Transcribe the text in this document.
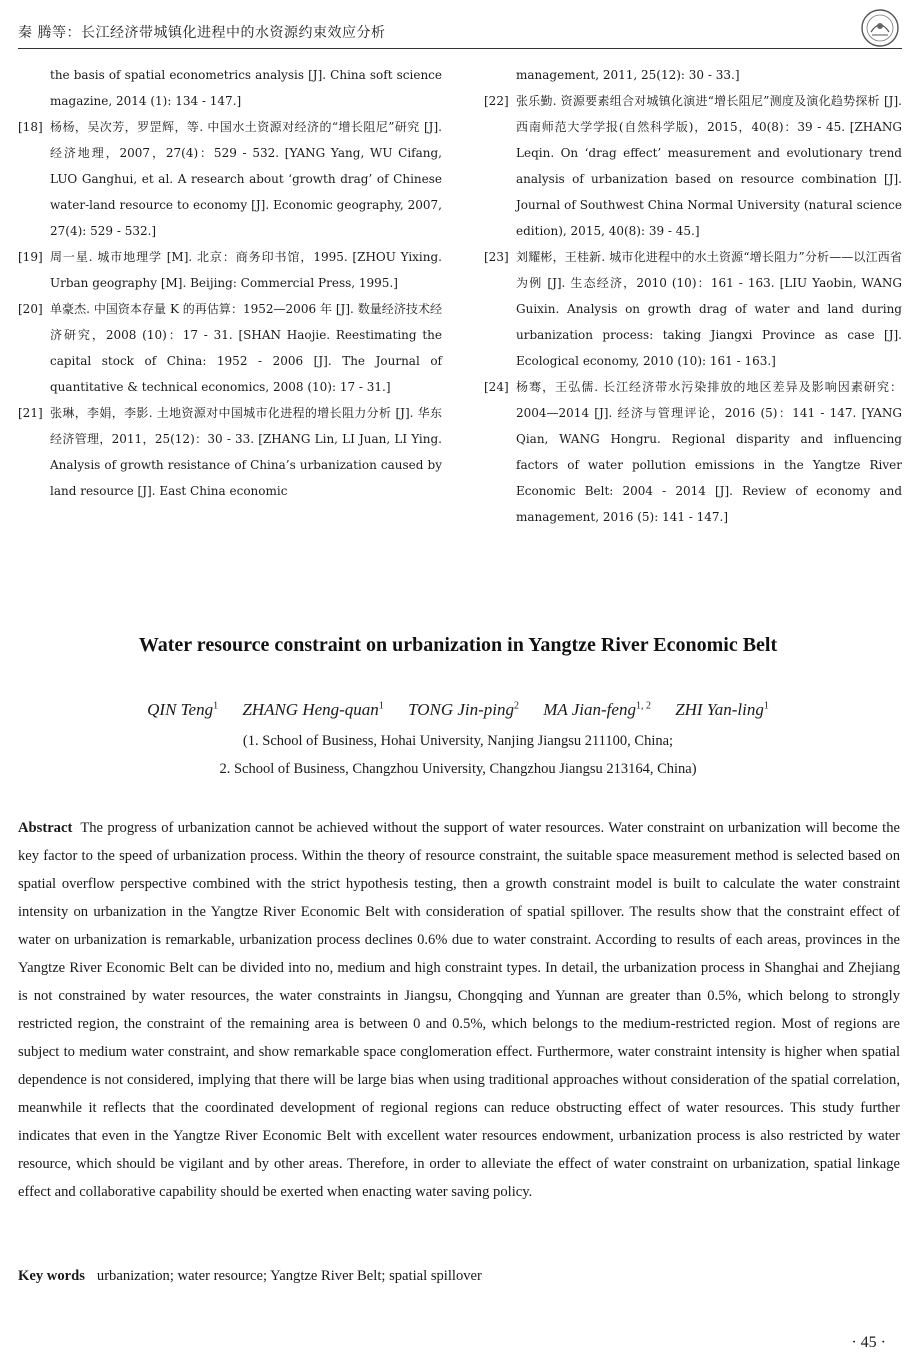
秦 腾等：长江经济带城镇化进程中的水资源约束效应分析

the basis of spatial econometrics analysis [J]. China soft science magazine, 2014 (1): 134 - 147.]

[18] 杨杨，吴次芳，罗罡辉，等. 中国水土资源对经济的“增长阻尼”研究 [J]. 经济地理，2007，27(4)：529 - 532. [YANG Yang, WU Cifang, LUO Ganghui, et al. A research about ‘growth drag’ of Chinese water-land resource to economy [J]. Economic geography, 2007, 27(4): 529 - 532.]

[19] 周一星. 城市地理学 [M]. 北京：商务印书馆，1995. [ZHOU Yixing. Urban geography [M]. Beijing: Commercial Press, 1995.]

[20] 单豪杰. 中国资本存量 K 的再估算：1952—2006 年 [J]. 数量经济技术经济研究，2008 (10)：17 - 31. [SHAN Haojie. Reestimating the capital stock of China: 1952 - 2006 [J]. The Journal of quantitative & technical economics, 2008 (10): 17 - 31.]

[21] 张琳，李娟，李影. 土地资源对中国城市化进程的增长阻力分析 [J]. 华东经济管理，2011，25(12)：30 - 33. [ZHANG Lin, LI Juan, LI Ying. Analysis of growth resistance of China’s urbanization caused by land resource [J]. East China economic

management, 2011, 25(12): 30 - 33.]

[22] 张乐勤. 资源要素组合对城镇化演进“增长阻尼”测度及演化趋势探析 [J]. 西南师范大学学报(自然科学版)，2015，40(8)：39 - 45. [ZHANG Leqin. On ‘drag effect’ measurement and evolutionary trend analysis of urbanization based on resource combination [J]. Journal of Southwest China Normal University (natural science edition), 2015, 40(8): 39 - 45.]

[23] 刘耀彬，王桂新. 城市化进程中的水土资源“增长阻力”分析——以江西省为例 [J]. 生态经济，2010 (10)：161 - 163. [LIU Yaobin, WANG Guixin. Analysis on growth drag of water and land during urbanization process: taking Jiangxi Province as case [J]. Ecological economy, 2010 (10): 161 - 163.]

[24] 杨骞，王弘儒. 长江经济带水污染排放的地区差异及影响因素研究：2004—2014 [J]. 经济与管理评论，2016 (5)：141 - 147. [YANG Qian, WANG Hongru. Regional disparity and influencing factors of water pollution emissions in the Yangtze River Economic Belt: 2004 - 2014 [J]. Review of economy and management, 2016 (5): 141 - 147.]

Water resource constraint on urbanization in Yangtze River Economic Belt
QIN Teng$^1$ ZHANG Heng-quan$^1$ TONG Jin-ping$^2$ MA Jian-feng$^{1, 2}$ ZHI Yan-ling$^1$
(1. School of Business, Hohai University, Nanjing Jiangsu 211100, China;
2. School of Business, Changzhou University, Changzhou Jiangsu 213164, China)

Abstract The progress of urbanization cannot be achieved without the support of water resources. Water constraint on urbanization will become the key factor to the speed of urbanization process. Within the theory of resource constraint, the suitable space measurement method is selected based on spatial overflow perspective combined with the strict hypothesis testing, then a growth constraint model is built to calculate the water constraint intensity on urbanization in the Yangtze River Economic Belt with consideration of spatial spillover. The results show that the constraint effect of water on urbanization is remarkable, urbanization process declines 0.6% due to water constraint. According to results of each areas, provinces in the Yangtze River Economic Belt can be divided into no, medium and high constraint types. In detail, the urbanization process in Shanghai and Zhejiang is not constrained by water resources, the water constraints in Jiangsu, Chongqing and Yunnan are greater than 0.5%, which belong to strongly restricted region, the constraint of the remaining area is between 0 and 0.5%, which belongs to the medium-restricted region. Most of regions are subject to medium water constraint, and show remarkable space conglomeration effect. Furthermore, water constraint intensity is higher when spatial dependence is not considered, implying that there will be large bias when using traditional approaches without consideration of the spatial correlation, meanwhile it reflects that the coordinated development of regional regions can reduce obstructing effect of water resources. This study further indicates that even in the Yangtze River Economic Belt with excellent water resources endowment, urbanization process is also restricted by water resource, which should be vigilant and by other areas. Therefore, in order to alleviate the effect of water constraint on urbanization, spatial linkage effect and collaborative capability should be exerted when enacting water saving policy.

Key words urbanization; water resource; Yangtze River Belt; spatial spillover
· 45 ·
